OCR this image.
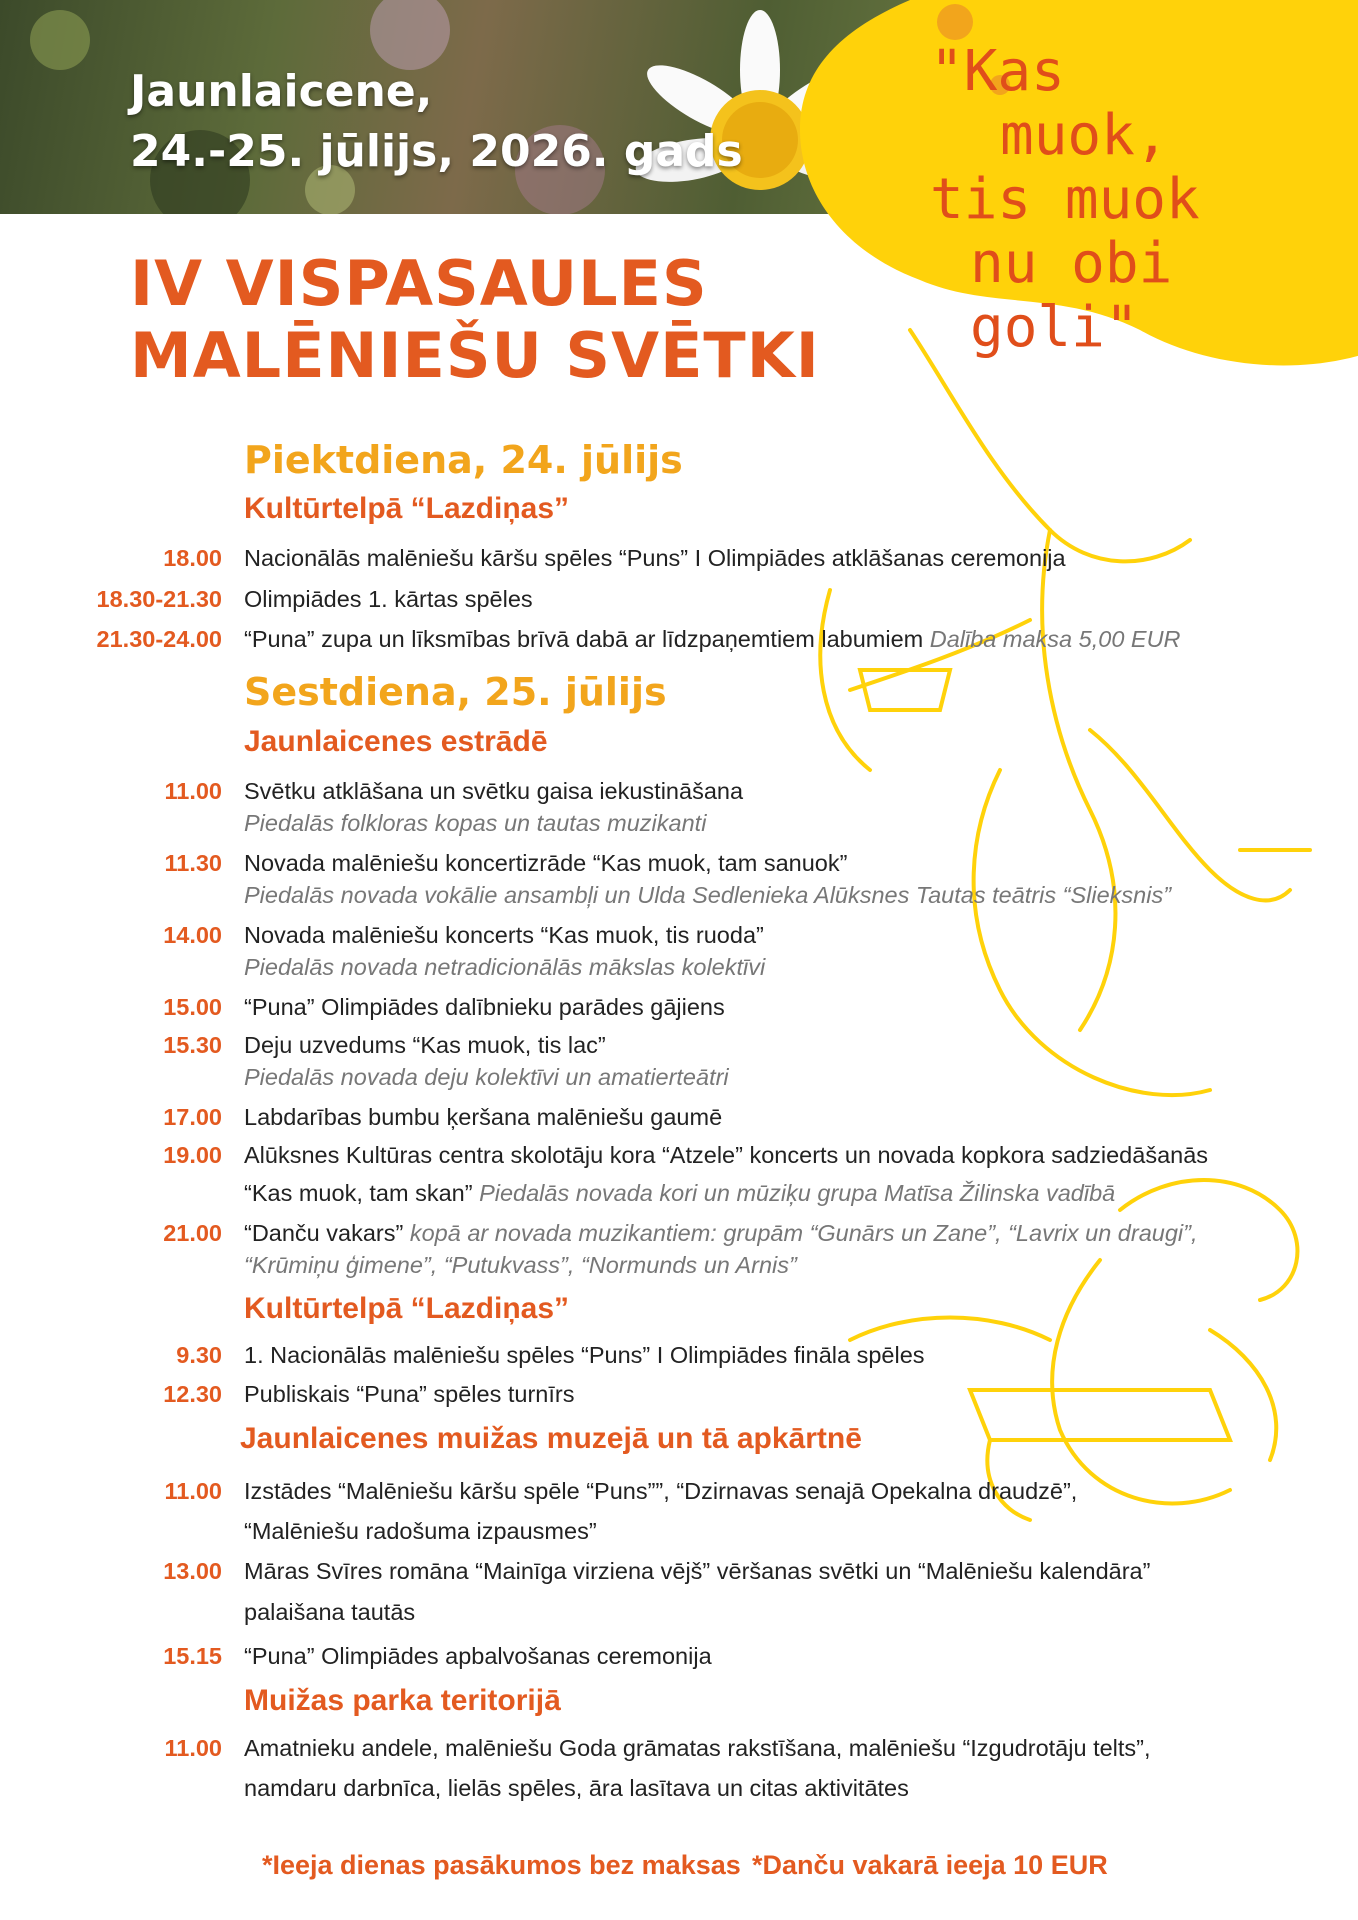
Jaunlaicene,
24.-25. jūlijs, 2026. gads
"Kas
muok,
tis muok
nu obi
goli"
IV VISPASAULES
MALĒNIEŠU SVĒTKI
Piektdiena, 24. jūlijs
Kultūrtelpā “Lazdiņas”
18.00 Nacionālās malēniešu kāršu spēles “Puns” I Olimpiādes atklāšanas ceremonija
18.30-21.30 Olimpiādes 1. kārtas spēles
21.30-24.00 “Puna” zupa un līksmības brīvā dabā ar līdzpaņemtiem labumiem Dalība maksa 5,00 EUR
Sestdiena, 25. jūlijs
Jaunlaicenes estrādē
11.00 Svētku atklāšana un svētku gaisa iekustināšana
Piedalās folkloras kopas un tautas muzikanti
11.30 Novada malēniešu koncertizrāde “Kas muok, tam sanuok”
Piedalās novada vokālie ansambļi un Ulda Sedlenieka Alūksnes Tautas teātris “Slieksnis”
14.00 Novada malēniešu koncerts “Kas muok, tis ruoda”
Piedalās novada netradicionālās mākslas kolektīvi
15.00 “Puna” Olimpiādes dalībnieku parādes gājiens
15.30 Deju uzvedums “Kas muok, tis lac”
Piedalās novada deju kolektīvi un amatierteātri
17.00 Labdarības bumbu ķeršana malēniešu gaumē
19.00 Alūksnes Kultūras centra skolotāju kora “Atzele” koncerts un novada kopkora sadziedāšanās
“Kas muok, tam skan” Piedalās novada kori un mūziķu grupa Matīsa Žilinska vadībā
21.00 “Danču vakars” kopā ar novada muzikantiem: grupām “Gunārs un Zane”, “Lavrix un draugi”,
“Krūmiņu ģimene”, “Putukvass”, “Normunds un Arnis”
Kultūrtelpā “Lazdiņas”
9.30 1. Nacionālās malēniešu spēles “Puns” I Olimpiādes fināla spēles
12.30 Publiskais “Puna” spēles turnīrs
Jaunlaicenes muižas muzejā un tā apkārtnē
11.00 Izstādes “Malēniešu kāršu spēle “Puns””, “Dzirnavas senajā Opekalna draudzē”,
“Malēniešu radošuma izpausmes”
13.00 Māras Svīres romāna “Mainīga virziena vējš” vēršanas svētki un “Malēniešu kalendāra”
palaišana tautās
15.15 “Puna” Olimpiādes apbalvošanas ceremonija
Muižas parka teritorijā
11.00 Amatnieku andele, malēniešu Goda grāmatas rakstīšana, malēniešu “Izgudrotāju telts”,
namdaru darbnīca, lielās spēles, āra lasītava un citas aktivitātes
*Ieeja dienas pasākumos bez maksas *Danču vakarā ieeja 10 EUR
